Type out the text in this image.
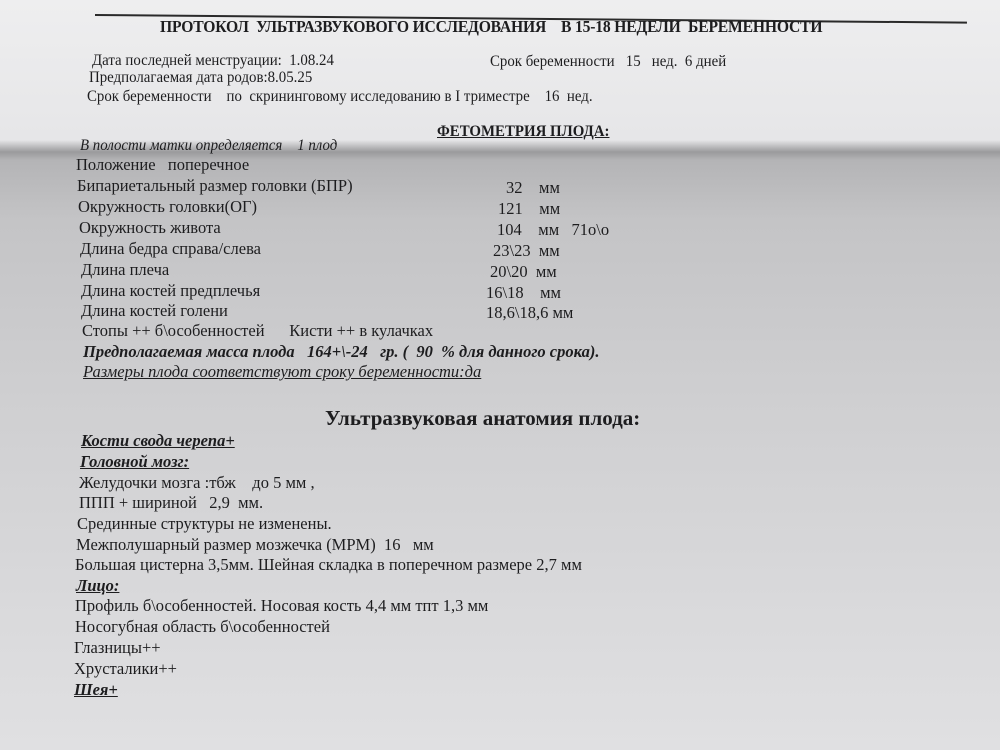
ПРОТОКОЛ  УЛЬТРАЗВУКОВОГО ИССЛЕДОВАНИЯ    В 15-18 НЕДЕЛИ  БЕРЕМЕННОСТИ
Дата последней менструации:  1.08.24	Срок беременности   15   нед.  6 дней
Предполагаемая дата родов:8.05.25
Срок беременности    по  скрининговому исследованию в I триместре    16  нед.
ФЕТОМЕТРИЯ ПЛОДА:
В полости матки определяется    1 плод
Положение   поперечное
Бипариетальный размер головки (БПР)	32    мм
Окружность головки(ОГ)	121    мм
Окружность живота	104    мм   71о\о
Длина бедра справа/слева	23\23  мм
Длина плеча	20\20  мм
Длина костей предплечья	16\18    мм
Длина костей голени	18,6\18,6 мм
Стопы ++ б\особенностей      Кисти ++ в кулачках
Предполагаемая масса плода   164+\-24   гр. (  90  % для данного срока).
Размеры плода соответствуют сроку беременности:да
Ультразвуковая анатомия плода:
Кости свода черепа+
Головной мозг:
Желудочки мозга :тбж    до 5 мм ,
ППП + шириной   2,9  мм.
Срединные структуры не изменены.
Межполушарный размер мозжечка (МРМ)  16   мм
Большая цистерна 3,5мм. Шейная складка в поперечном размере 2,7 мм
Лицо:
Профиль б\особенностей. Носовая кость 4,4 мм тпт 1,3 мм
Носогубная область б\особенностей
Глазницы++
Хрусталики++
Шея+
